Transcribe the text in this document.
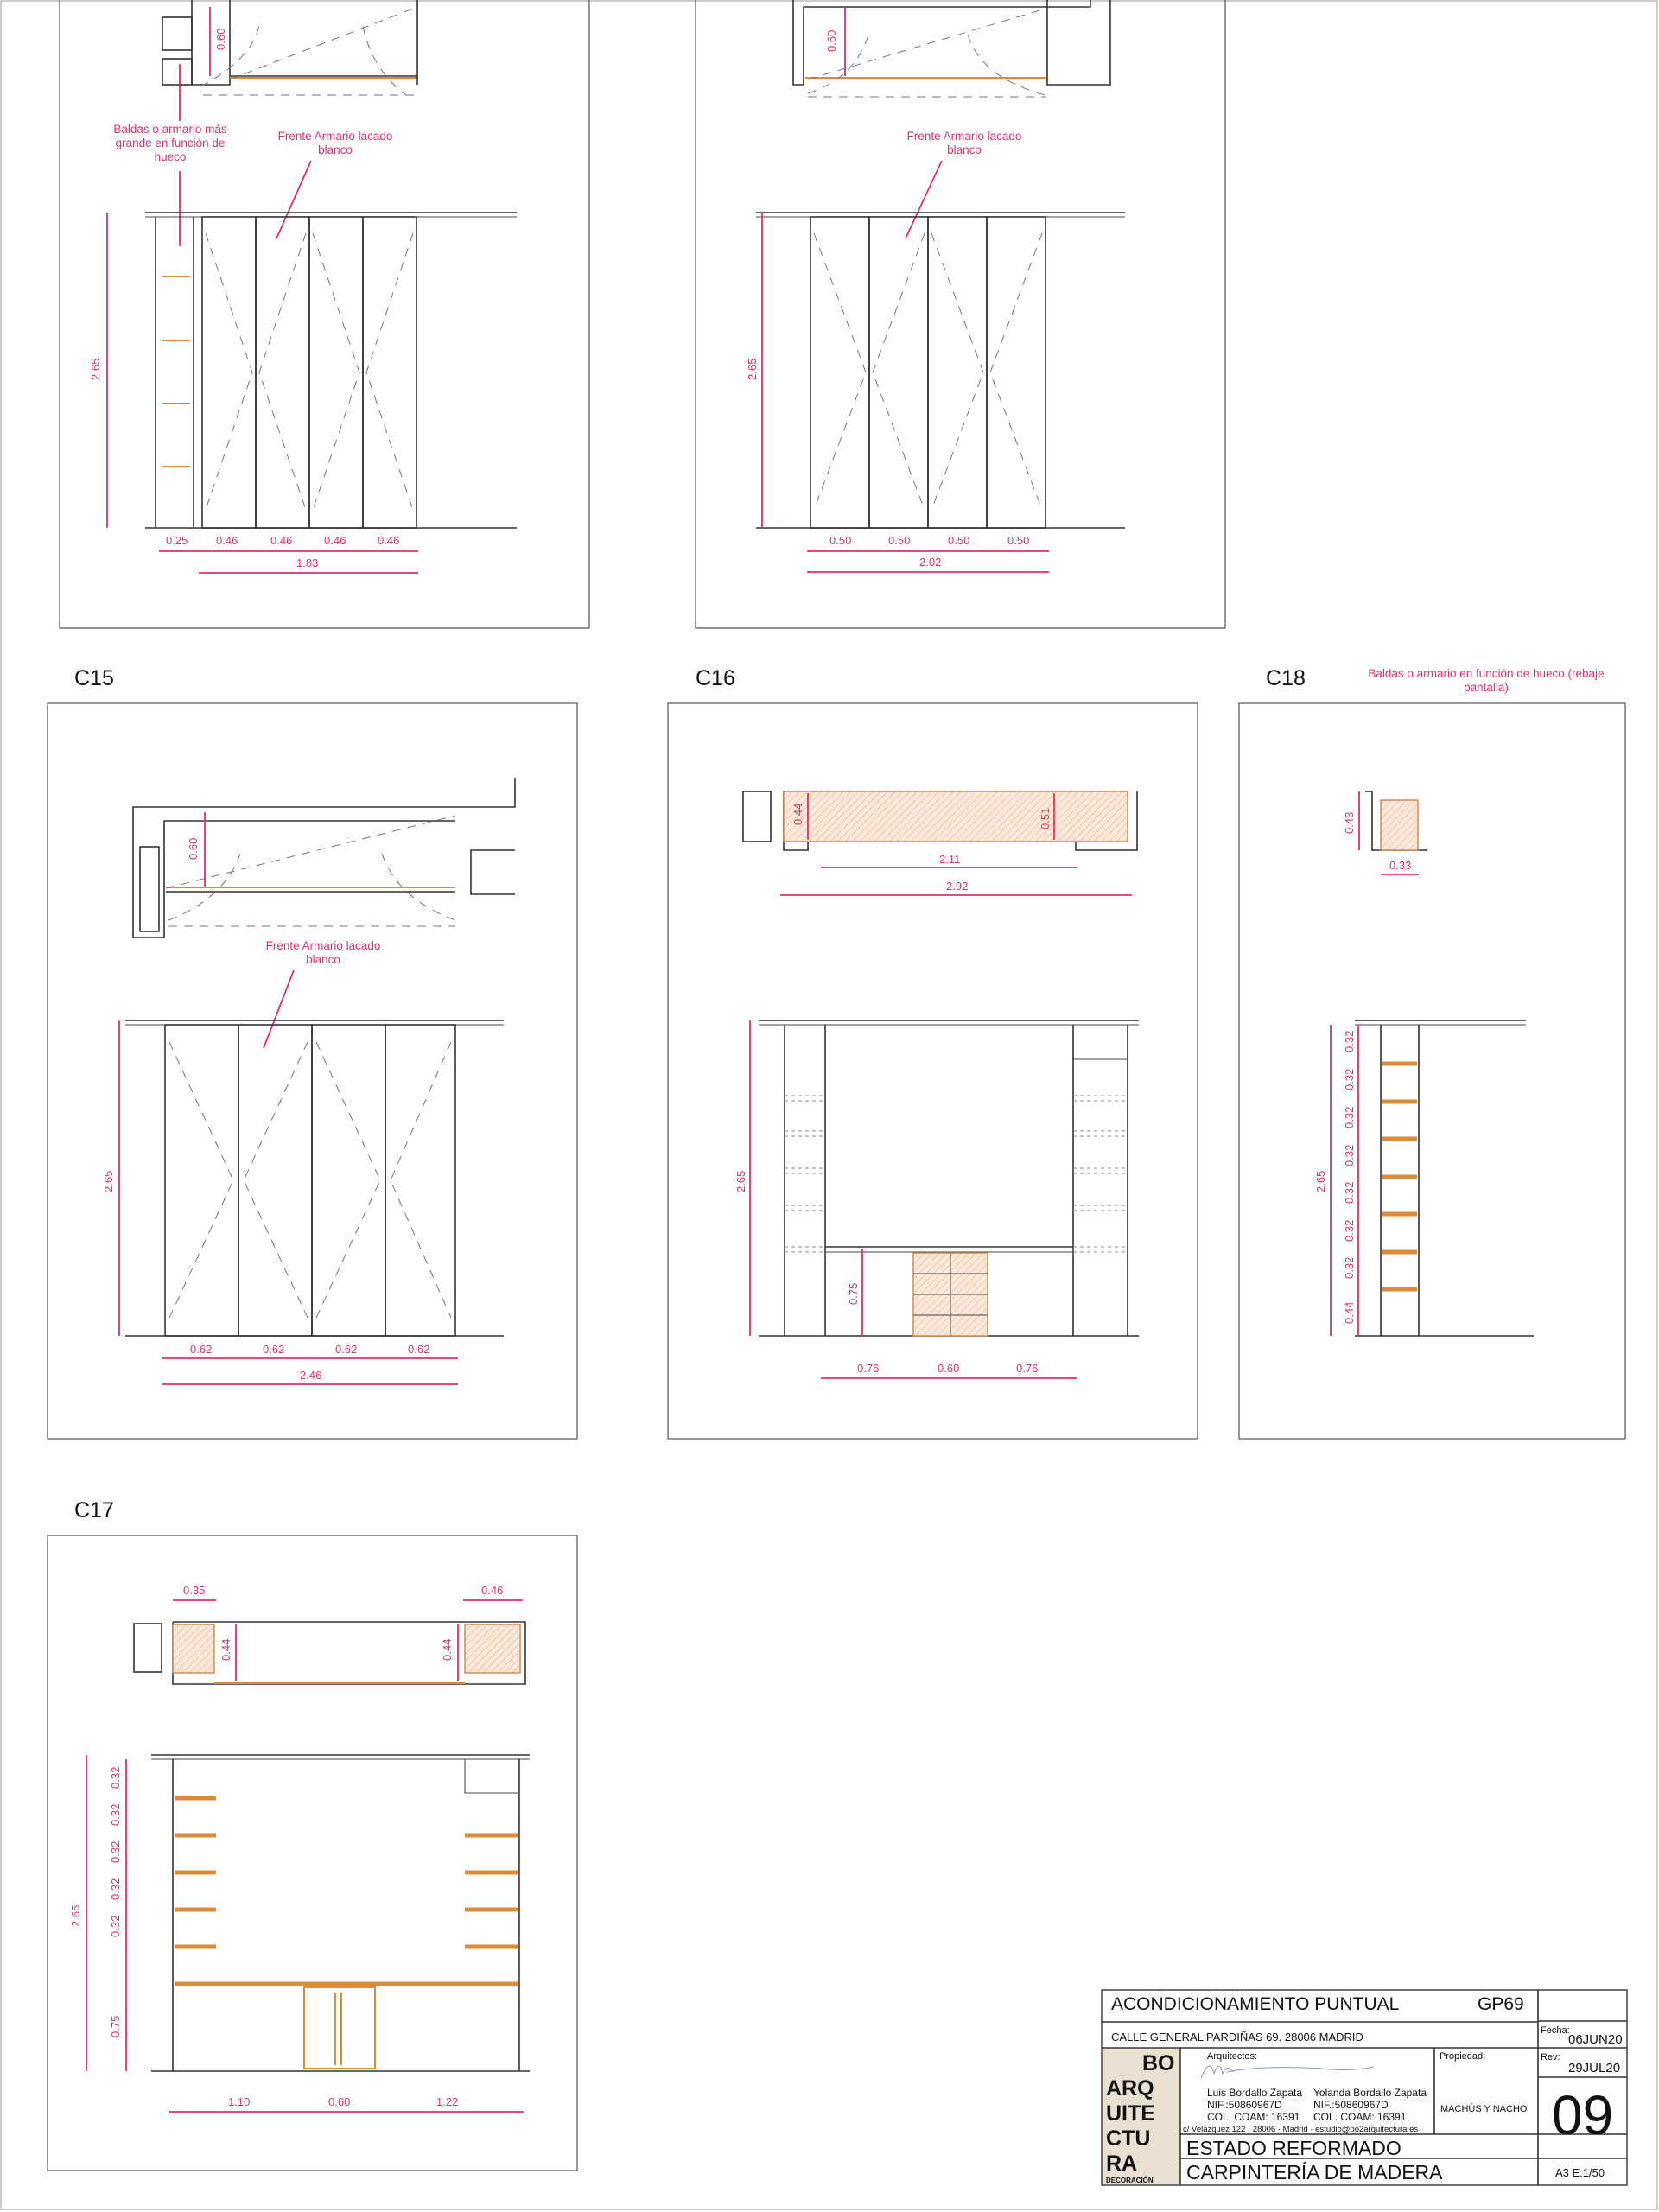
0.60
Baldas o armario más
grande en función de
hueco
Frente Armario lacado
blanco
2.65
0.25	0.46	0.46	0.46	0.46
1.83
0.60
Frente Armario lacado
blanco
2.65
0.50	0.50	0.50	0.50
2.02
C15
0.60
Frente Armario lacado
blanco
2.65
0.62	0.62	0.62	0.62
2.46
C16
0.44	0.51
2.11
2.92
2.65
0.75
0.76	0.60	0.76
C18	Baldas o armario en función de hueco (rebaje
pantalla)
0.43
0.33
2.65
0.32
0.32
0.32
0.32
0.32
0.32
0.32
0.44
C17
0.44	0.44
0.35	0.46
2.65
0.32
0.32
0.32
0.32
0.32
0.75
1.10	0.60	1.22
ACONDICIONAMIENTO PUNTUAL	GP69
CALLE GENERAL PARDIÑAS 69. 28006 MADRID	Fecha:
06JUN20
Rev:
29JUL20
09
BO
ARQ
UITE
CTU
RA
DECORACIÓN
Arquitectos:
Luis Bordallo Zapata
NIF.:50860967D
COL. COAM: 16391
Yolanda Bordallo Zapata
NIF.:50860967D
COL. COAM: 16391
c/ Velázquez 122 · 28006 · Madrid · estudio@bo2arquitectura.es
Propiedad:
MACHÚS Y NACHO
ESTADO REFORMADO
CARPINTERÍA DE MADERA	A3 E:1/50
